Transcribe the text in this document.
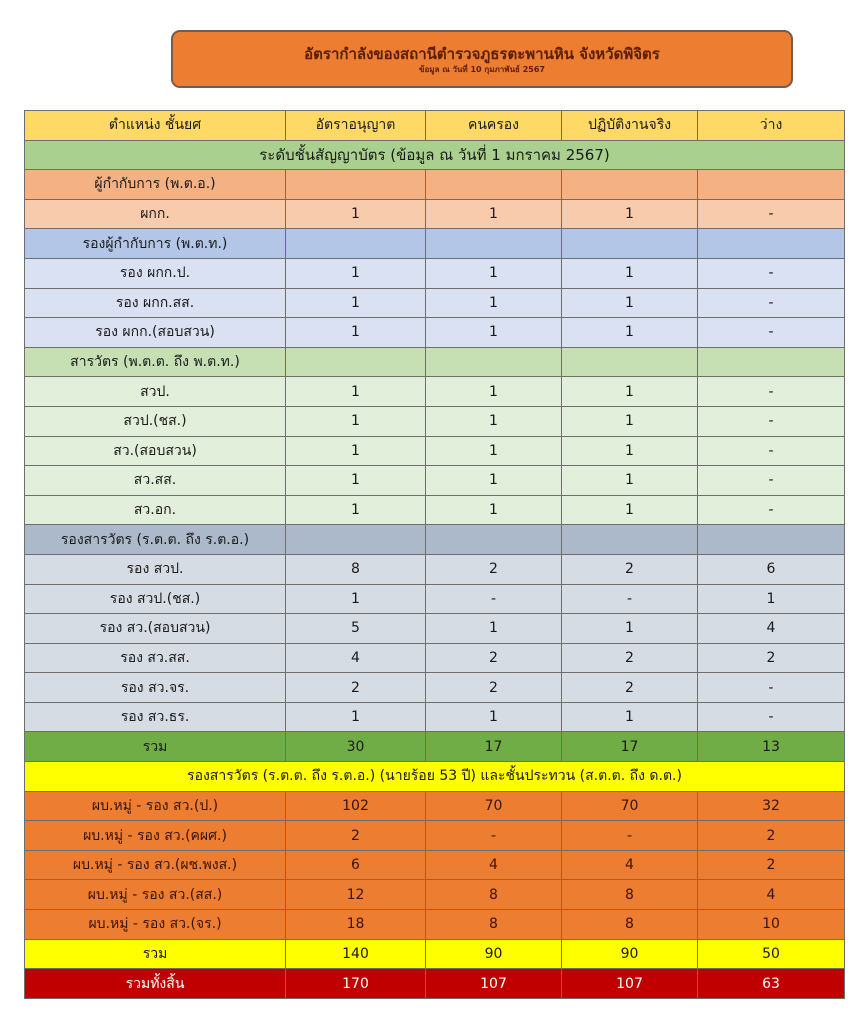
อัตรากำลังของสถานีตำรวจภูธรตะพานหิน จังหวัดพิจิตร
ข้อมูล ณ วันที่ 10 กุมภาพันธ์ 2567
ตำแหน่ง ชั้นยศ	อัตราอนุญาต	คนครอง	ปฏิบัติงานจริง	ว่าง
ระดับชั้นสัญญาบัตร (ข้อมูล ณ วันที่ 1 มกราคม 2567)				
ผู้กำกับการ (พ.ต.อ.)				
ผกก.	1	1	1	-
รองผู้กำกับการ (พ.ต.ท.)				
รอง ผกก.ป.	1	1	1	-
รอง ผกก.สส.	1	1	1	-
รอง ผกก.(สอบสวน)	1	1	1	-
สารวัตร (พ.ต.ต. ถึง พ.ต.ท.)				
สวป.	1	1	1	-
สวป.(ชส.)	1	1	1	-
สว.(สอบสวน)	1	1	1	-
สว.สส.	1	1	1	-
สว.อก.	1	1	1	-
รองสารวัตร (ร.ต.ต. ถึง ร.ต.อ.)				
รอง สวป.	8	2	2	6
รอง สวป.(ชส.)	1	-	-	1
รอง สว.(สอบสวน)	5	1	1	4
รอง สว.สส.	4	2	2	2
รอง สว.จร.	2	2	2	-
รอง สว.ธร.	1	1	1	-
รวม	30	17	17	13
รองสารวัตร (ร.ต.ต. ถึง ร.ต.อ.) (นายร้อย 53 ปี) และชั้นประทวน (ส.ต.ต. ถึง ด.ต.)				
ผบ.หมู่ - รอง สว.(ป.)	102	70	70	32
ผบ.หมู่ - รอง สว.(คผศ.)	2	-	-	2
ผบ.หมู่ - รอง สว.(ผช.พงส.)	6	4	4	2
ผบ.หมู่ - รอง สว.(สส.)	12	8	8	4
ผบ.หมู่ - รอง สว.(จร.)	18	8	8	10
รวม	140	90	90	50
รวมทั้งสิ้น	170	107	107	63
